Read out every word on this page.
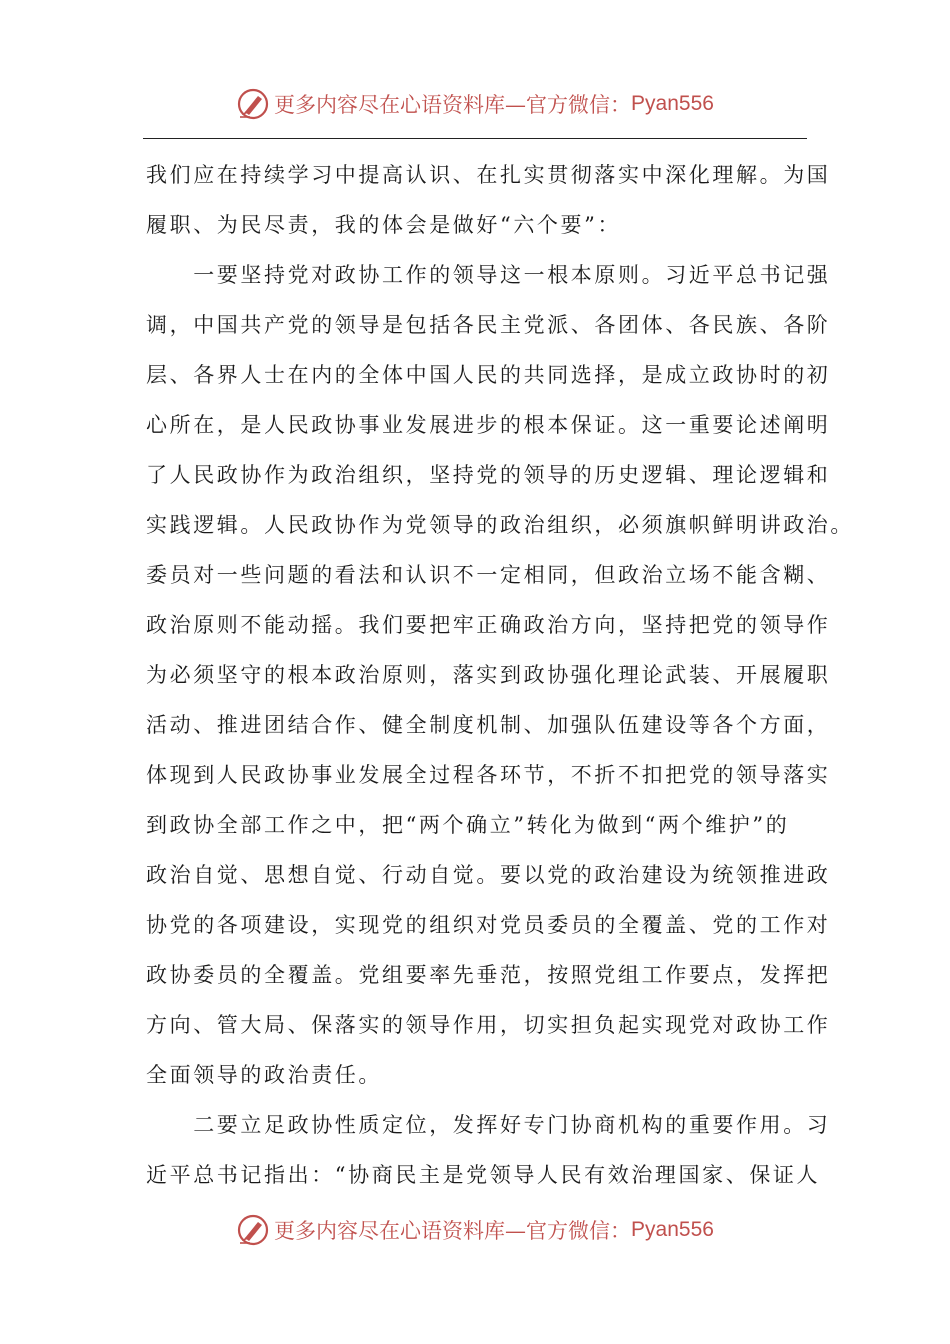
更多内容尽在心语资料库—官方微信： Pyan556
我们应在持续学习中提高认识、在扎实贯彻落实中深化理解。为国
履职、为民尽责，我的体会是做好“六个要”：
　　一要坚持党对政协工作的领导这一根本原则。习近平总书记强
调，中国共产党的领导是包括各民主党派、各团体、各民族、各阶
层、各界人士在内的全体中国人民的共同选择，是成立政协时的初
心所在，是人民政协事业发展进步的根本保证。这一重要论述阐明
了人民政协作为政治组织，坚持党的领导的历史逻辑、理论逻辑和
实践逻辑。人民政协作为党领导的政治组织，必须旗帜鲜明讲政治。
委员对一些问题的看法和认识不一定相同，但政治立场不能含糊、
政治原则不能动摇。我们要把牢正确政治方向，坚持把党的领导作
为必须坚守的根本政治原则，落实到政协强化理论武装、开展履职
活动、推进团结合作、健全制度机制、加强队伍建设等各个方面，
体现到人民政协事业发展全过程各环节，不折不扣把党的领导落实
到政协全部工作之中，把“两个确立”转化为做到“两个维护”的
政治自觉、思想自觉、行动自觉。要以党的政治建设为统领推进政
协党的各项建设，实现党的组织对党员委员的全覆盖、党的工作对
政协委员的全覆盖。党组要率先垂范，按照党组工作要点，发挥把
方向、管大局、保落实的领导作用，切实担负起实现党对政协工作
全面领导的政治责任。
　　二要立足政协性质定位，发挥好专门协商机构的重要作用。习
近平总书记指出：“协商民主是党领导人民有效治理国家、保证人
更多内容尽在心语资料库—官方微信： Pyan556
